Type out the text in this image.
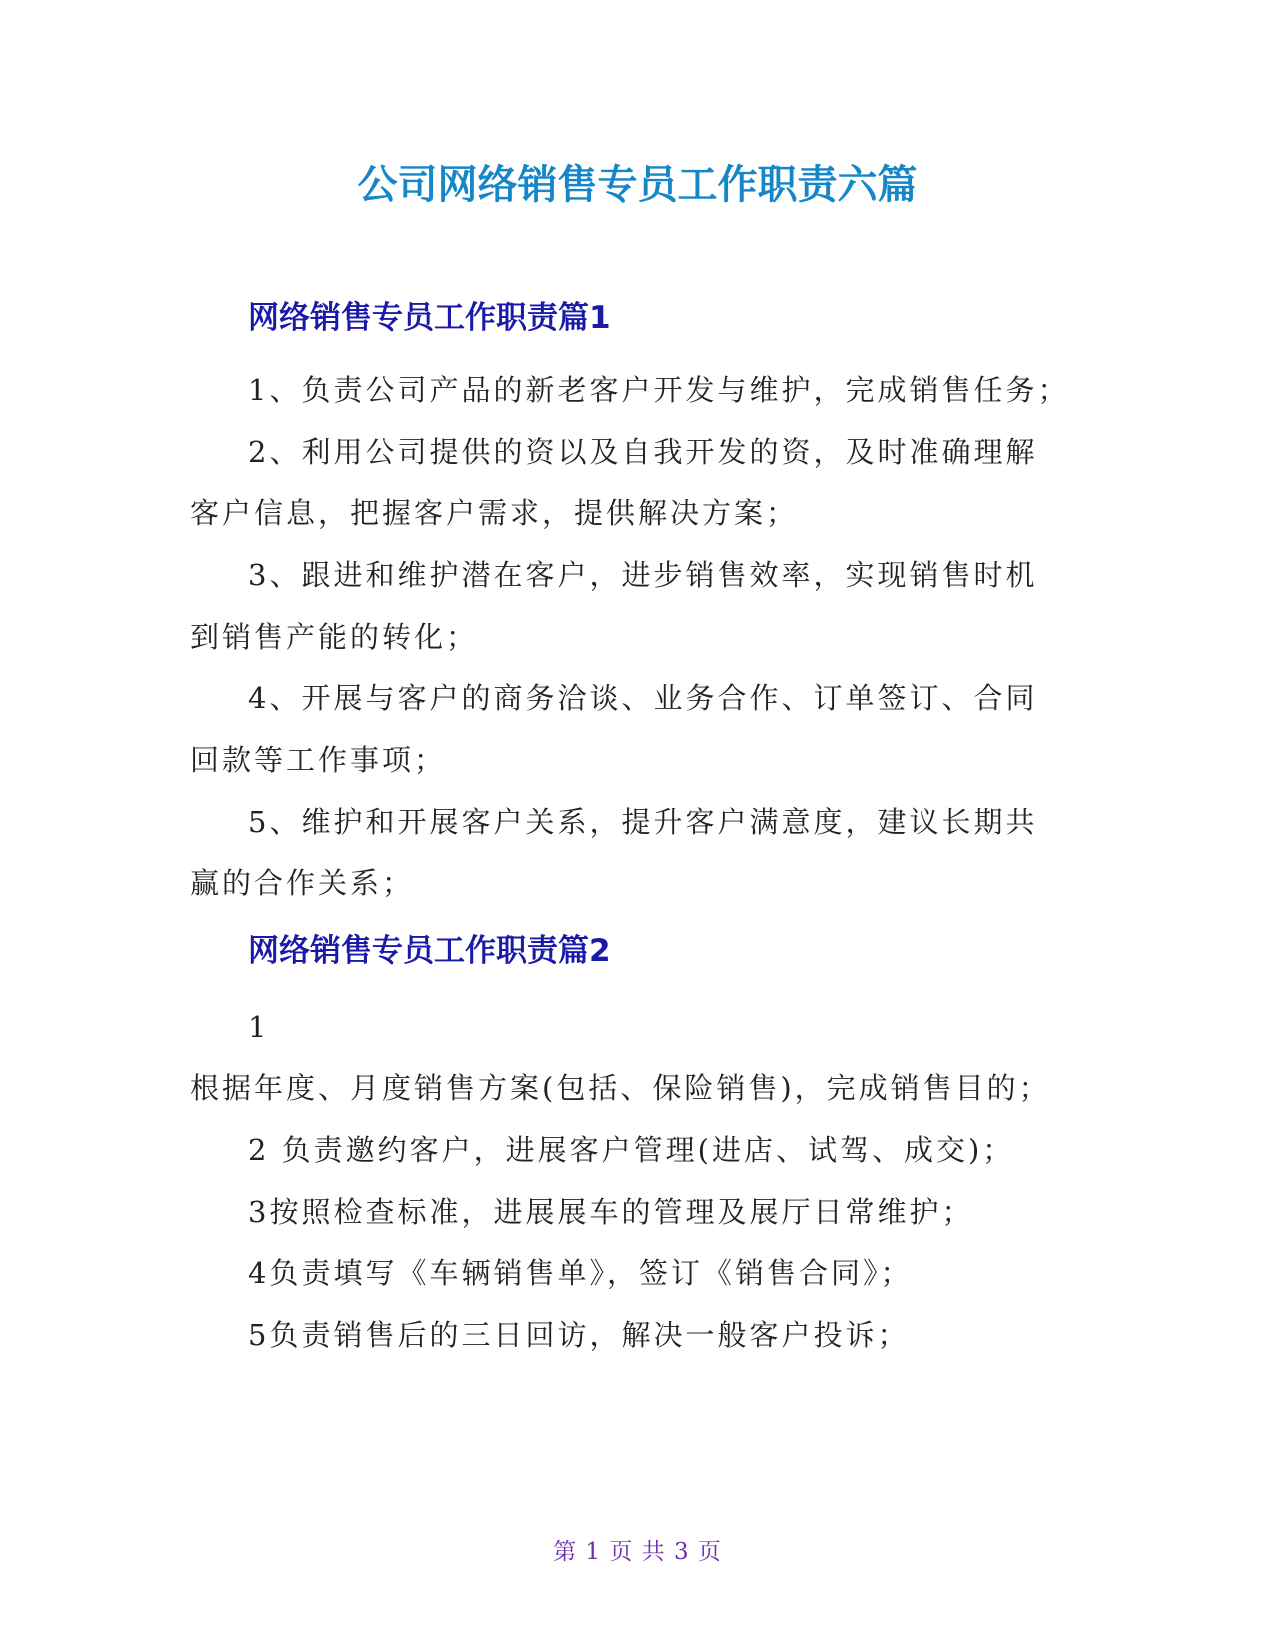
公司网络销售专员工作职责六篇
网络销售专员工作职责篇1
1、负责公司产品的新老客户开发与维护，完成销售任务；
2、利用公司提供的资以及自我开发的资，及时准确理解
客户信息，把握客户需求，提供解决方案；
3、跟进和维护潜在客户，进步销售效率，实现销售时机
到销售产能的转化；
4、开展与客户的商务洽谈、业务合作、订单签订、合同
回款等工作事项；
5、维护和开展客户关系，提升客户满意度，建议长期共
赢的合作关系；
网络销售专员工作职责篇2
1
根据年度、月度销售方案(包括、保险销售)，完成销售目的；
2 负责邀约客户，进展客户管理(进店、试驾、成交)；
3按照检查标准，进展展车的管理及展厅日常维护；
4负责填写《车辆销售单》，签订《销售合同》；
5负责销售后的三日回访，解决一般客户投诉；
第 1 页 共 3 页
